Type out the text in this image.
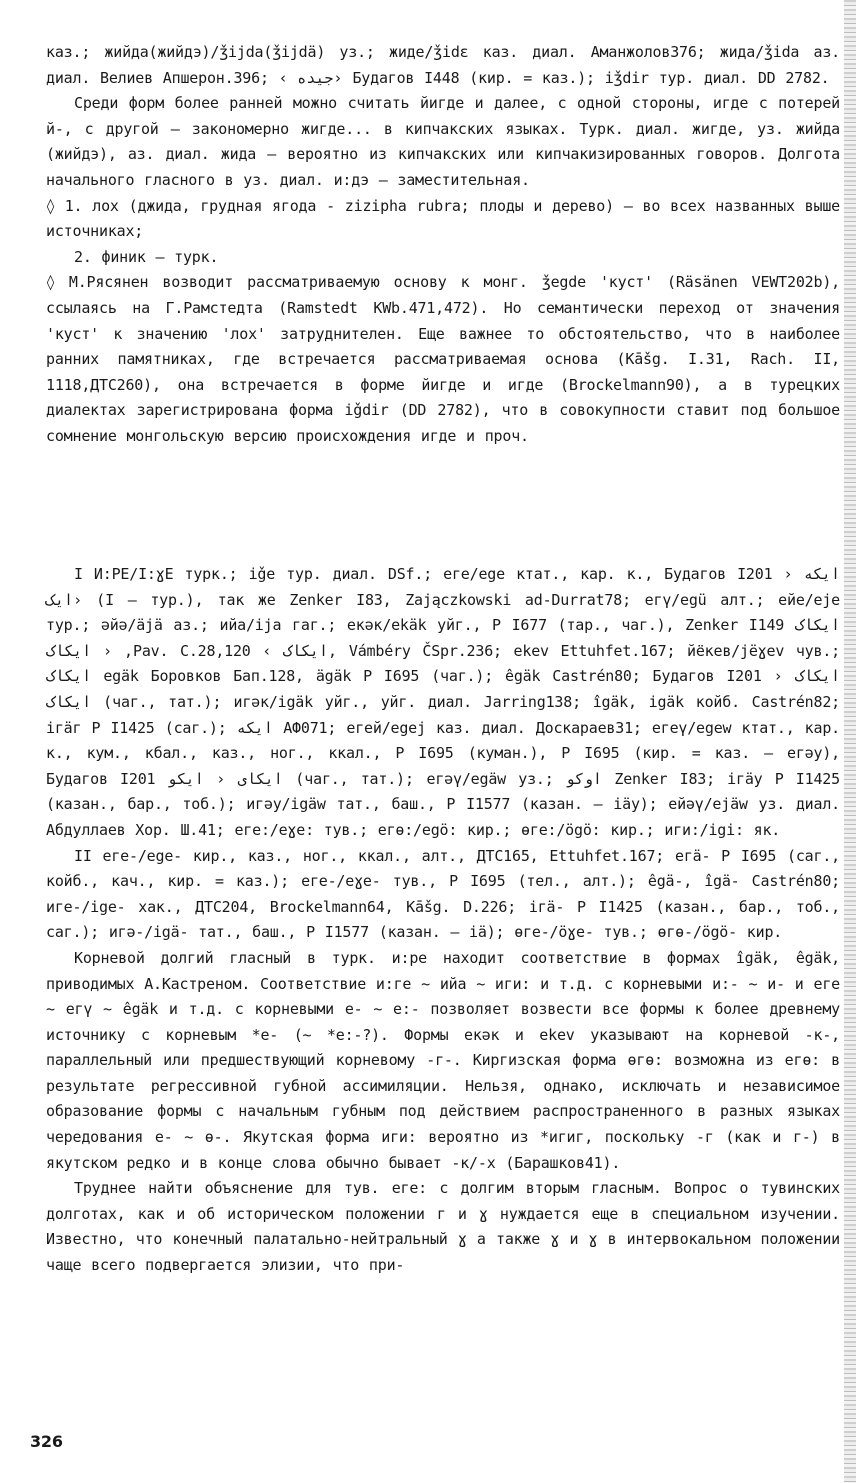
каз.; жийда(жийдэ)/ǯijda(ǯijdä) уз.; жиде/ǯidɛ каз. диал. Аманжолов376; жида/ǯida аз. диал. Велиев Апшерон.396; ‹ جیده› Будагов I448 (кир. = каз.); iǯdir тур. диал. DD 2782.

Среди форм более ранней можно считать йигде и далее, с одной стороны, игде с потерей й-, с другой — закономерно жигде... в кипчакских языках. Турк. диал. жигде, уз. жийда (жийдэ), аз. диал. жида — вероятно из кипчакских или кипчакизированных говоров. Долгота начального гласного в уз. диал. и:дэ — заместительная.

◊ 1. лох (джида, грудная ягода - zizipha rubra; плоды и дерево) — во всех названных выше источниках;

2. финик — турк.

◊ М.Рясянен возводит рассматриваемую основу к монг. ǯegde 'куст' (Räsänen VEWT202b), ссылаясь на Г.Рамстедта (Ramstedt KWb.471,472). Но семантически переход от значения 'куст' к значению 'лох' затруднителен. Еще важнее то обстоятельство, что в наиболее ранних памятниках, где встречается рассматриваемая основа (Kāšg. I.31, Rach. II, 1118,ДТС260), она встречается в форме йигде и игде (Brockelmann90), а в турецких диалектах зарегистрирована форма iǧdir (DD 2782), что в совокупности ставит под большое сомнение монгольскую версию происхождения игде и проч.

I И:РЕ/I:ɣE турк.; iǧe тур. диал. DSf.; еге/ege ктат., кар. к., Будагов I201 ایکه ‹ ایک› (I — тур.), так же Zenker I83, Zajączkowski ad-Durrat78; егү/egü алт.; ейе/eje тур.; әйә/äjä аз.; ийа/ija гаг.; екәк/ekäk уйг., P I677 (тар., чаг.), Zenker I149 ایکاک ‹ ایکاک ,Pav. C.28,120 ‹ ایکاک, Vámbéry ČSpr.236; ekev Ettuhfet.167; йёкев/jëɣev чув.; ایکاک egäk Боровков Бап.128, ägäk P I695 (чаг.); êgäk Castrén80; Будагов I201 ایکاک ‹ ایکاک (чаг., тат.); игәк/igäk уйг., уйг. диал. Jarring138; îgäk, igäk койб. Castrén82; ігӓг P I1425 (саг.); ایکه АФ071; егей/egej каз. диал. Доскараев31; егеү/egew ктат., кар. к., кум., кбал., каз., ног., ккал., P I695 (куман.), P I695 (кир. = каз. — егәу), Будагов I201 ایکای ‹ ایکو (чаг., тат.); егәү/egäw уз.; اوکو Zenker I83; ігӓу P I1425 (казан., бар., тоб.); игәу/igäw тат., баш., P I1577 (казан. — іӓу); ейәү/ejäw уз. диал. Абдуллаев Хор. Ш.41; еге:/eɣe: тув.; егө:/egö: кир.; өге:/ögö: кир.; иги:/igi: як.

II еге-/ege- кир., каз., ног., ккал., алт., ДТС165, Ettuhfet.167; егӓ- P I695 (саг., койб., кач., кир. = каз.); еге-/eɣe- тув., P I695 (тел., алт.); êgä-, îgä- Castrén80; иге-/ige- хак., ДТС204, Brockelmann64, Kāšg. D.226; ігӓ- P I1425 (казан., бар., тоб., саг.); игә-/igä- тат., баш., P I1577 (казан. — іӓ); өге-/öɣe- тув.; өгө-/ögö- кир.

Корневой долгий гласный в турк. и:ре находит соответствие в формах îgäk, êgäk, приводимых А.Кастреном. Соответствие и:ге ~ ийа ~ иги: и т.д. с корневыми и:- ~ и- и еге ~ егү ~ êgäk и т.д. с корневыми е- ~ е:- позволяет возвести все формы к более древнему источнику с корневым *е- (~ *е:-?). Формы екәк и ekev указывают на корневой -к-, параллельный или предшествующий корневому -г-. Киргизская форма өгө: возможна из егө: в результате регрессивной губной ассимиляции. Нельзя, однако, исключать и независимое образование формы с начальным губным под действием распространенного в разных языках чередования е- ~ ө-. Якутская форма иги: вероятно из *игиг, поскольку -г (как и г-) в якутском редко и в конце слова обычно бывает -к/-х (Барашков41).

Труднее найти объяснение для тув. еге: с долгим вторым гласным. Вопрос о тувинских долготах, как и об историческом положении г и ɣ нуждается еще в специальном изучении. Известно, что конечный палатально-нейтральный ɣ а также ɣ и ɣ в интервокальном положении чаще всего подвергается элизии, что при-

326
